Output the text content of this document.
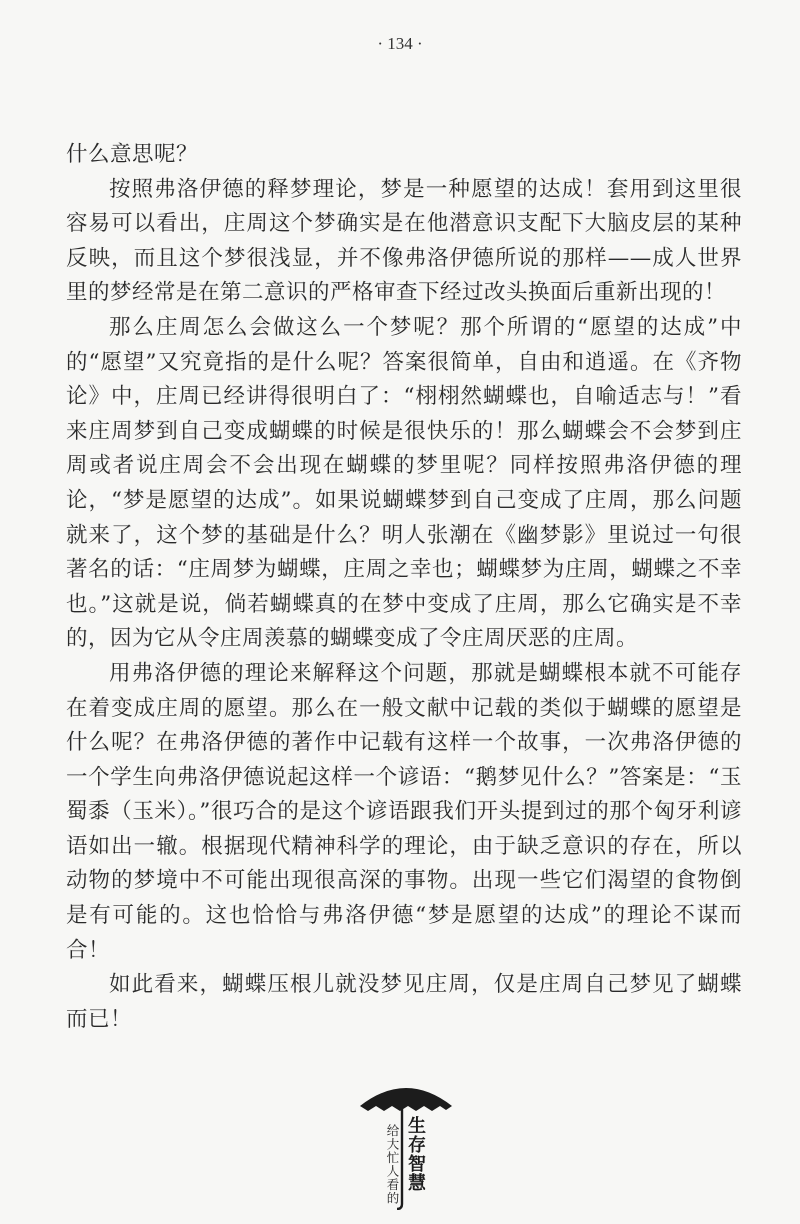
· 134 ·

什么意思呢？

按照弗洛伊德的释梦理论，梦是一种愿望的达成！套用到这里很容易可以看出，庄周这个梦确实是在他潜意识支配下大脑皮层的某种反映，而且这个梦很浅显，并不像弗洛伊德所说的那样——成人世界里的梦经常是在第二意识的严格审查下经过改头换面后重新出现的！

那么庄周怎么会做这么一个梦呢？那个所谓的“愿望的达成”中的“愿望”又究竟指的是什么呢？答案很简单，自由和逍遥。在《齐物论》中，庄周已经讲得很明白了：“栩栩然蝴蝶也，自喻适志与！”看来庄周梦到自己变成蝴蝶的时候是很快乐的！那么蝴蝶会不会梦到庄周或者说庄周会不会出现在蝴蝶的梦里呢？同样按照弗洛伊德的理论，“梦是愿望的达成”。如果说蝴蝶梦到自己变成了庄周，那么问题就来了，这个梦的基础是什么？明人张潮在《幽梦影》里说过一句很著名的话：“庄周梦为蝴蝶，庄周之幸也；蝴蝶梦为庄周，蝴蝶之不幸也。”这就是说，倘若蝴蝶真的在梦中变成了庄周，那么它确实是不幸的，因为它从令庄周羡慕的蝴蝶变成了令庄周厌恶的庄周。

用弗洛伊德的理论来解释这个问题，那就是蝴蝶根本就不可能存在着变成庄周的愿望。那么在一般文献中记载的类似于蝴蝶的愿望是什么呢？在弗洛伊德的著作中记载有这样一个故事，一次弗洛伊德的一个学生向弗洛伊德说起这样一个谚语：“鹅梦见什么？”答案是：“玉蜀黍（玉米）。”很巧合的是这个谚语跟我们开头提到过的那个匈牙利谚语如出一辙。根据现代精神科学的理论，由于缺乏意识的存在，所以动物的梦境中不可能出现很高深的事物。出现一些它们渴望的食物倒是有可能的。这也恰恰与弗洛伊德“梦是愿望的达成”的理论不谋而合！

如此看来，蝴蝶压根儿就没梦见庄周，仅是庄周自己梦见了蝴蝶而已！

给大忙人看的 生存智慧
